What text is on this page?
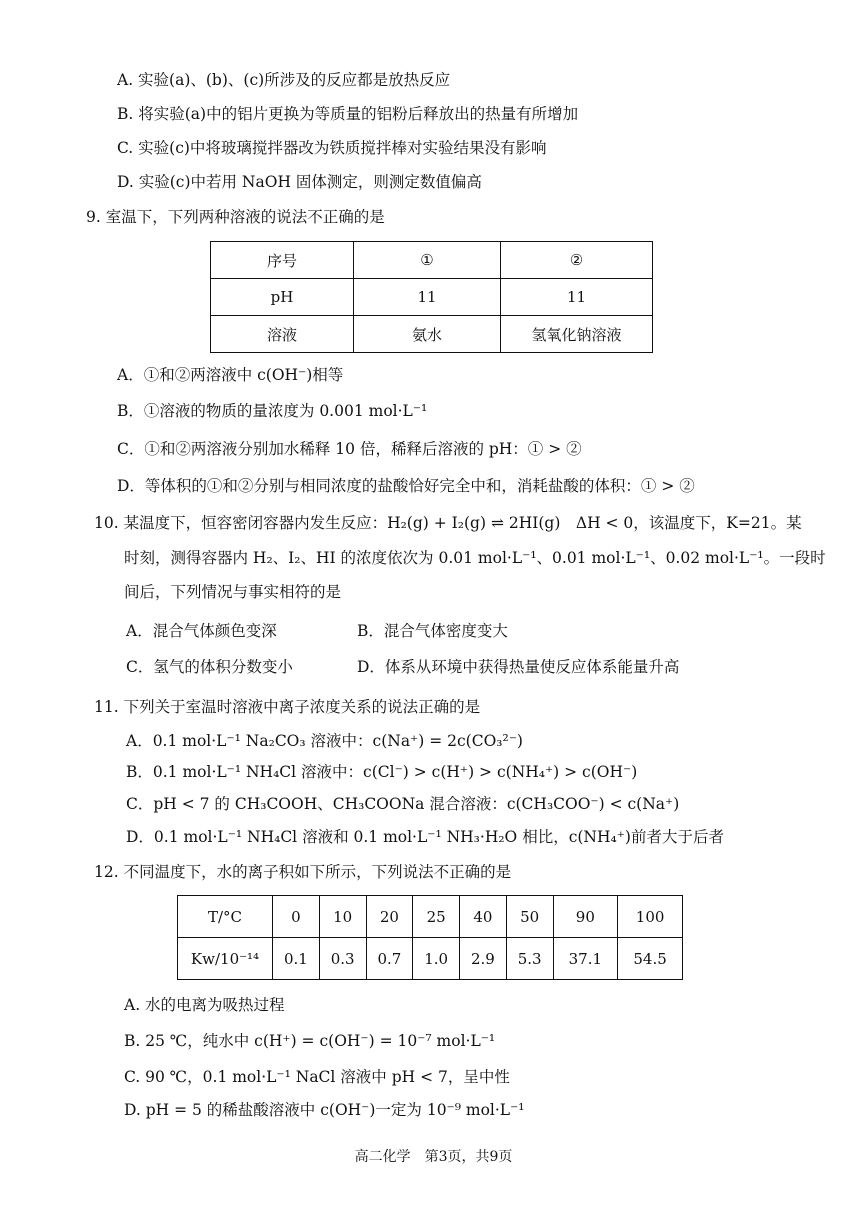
A. 实验(a)、(b)、(c)所涉及的反应都是放热反应
B. 将实验(a)中的铝片更换为等质量的铝粉后释放出的热量有所增加
C. 实验(c)中将玻璃搅拌器改为铁质搅拌棒对实验结果没有影响
D. 实验(c)中若用 NaOH 固体测定，则测定数值偏高
9. 室温下，下列两种溶液的说法不正确的是
序号	①	②
pH	11	11
溶液	氨水	氢氧化钠溶液
A．①和②两溶液中 c(OH⁻)相等
B．①溶液的物质的量浓度为 0.001 mol·L⁻¹
C．①和②两溶液分别加水稀释 10 倍，稀释后溶液的 pH：① > ②
D．等体积的①和②分别与相同浓度的盐酸恰好完全中和，消耗盐酸的体积：① > ②
10. 某温度下，恒容密闭容器内发生反应：H₂(g) + I₂(g) ⇌ 2HI(g)　ΔH < 0，该温度下，K=21。某
时刻，测得容器内 H₂、I₂、HI 的浓度依次为 0.01 mol·L⁻¹、0.01 mol·L⁻¹、0.02 mol·L⁻¹。一段时
间后，下列情况与事实相符的是
A．混合气体颜色变深	B．混合气体密度变大
C．氢气的体积分数变小	D．体系从环境中获得热量使反应体系能量升高
11. 下列关于室温时溶液中离子浓度关系的说法正确的是
A．0.1 mol·L⁻¹ Na₂CO₃ 溶液中：c(Na⁺) = 2c(CO₃²⁻)
B．0.1 mol·L⁻¹ NH₄Cl 溶液中：c(Cl⁻) > c(H⁺) > c(NH₄⁺) > c(OH⁻)
C．pH < 7 的 CH₃COOH、CH₃COONa 混合溶液：c(CH₃COO⁻) < c(Na⁺)
D．0.1 mol·L⁻¹ NH₄Cl 溶液和 0.1 mol·L⁻¹ NH₃·H₂O 相比，c(NH₄⁺)前者大于后者
12. 不同温度下，水的离子积如下所示，下列说法不正确的是
T/°C	0	10	20	25	40	50	90	100
Kw/10⁻¹⁴	0.1	0.3	0.7	1.0	2.9	5.3	37.1	54.5
A. 水的电离为吸热过程
B. 25 ℃，纯水中 c(H⁺) = c(OH⁻) = 10⁻⁷ mol·L⁻¹
C. 90 ℃，0.1 mol·L⁻¹ NaCl 溶液中 pH < 7，呈中性
D. pH = 5 的稀盐酸溶液中 c(OH⁻)一定为 10⁻⁹ mol·L⁻¹
高二化学　第3页，共9页
